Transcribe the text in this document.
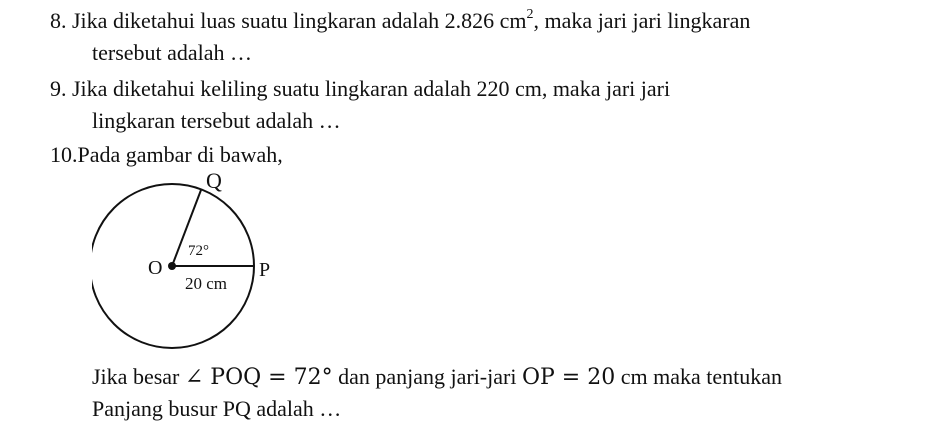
8. Jika diketahui luas suatu lingkaran adalah 2.826 $cm^2$, maka jari jari lingkaran
tersebut adalah …
9. Jika diketahui keliling suatu lingkaran adalah 220 cm, maka jari jari
lingkaran tersebut adalah …
10.Pada gambar di bawah,
Q
O	P
72°
20 cm
Jika besar ∠ POQ = 72° dan panjang jari-jari OP = 20 cm maka tentukan
Panjang busur PQ adalah …
